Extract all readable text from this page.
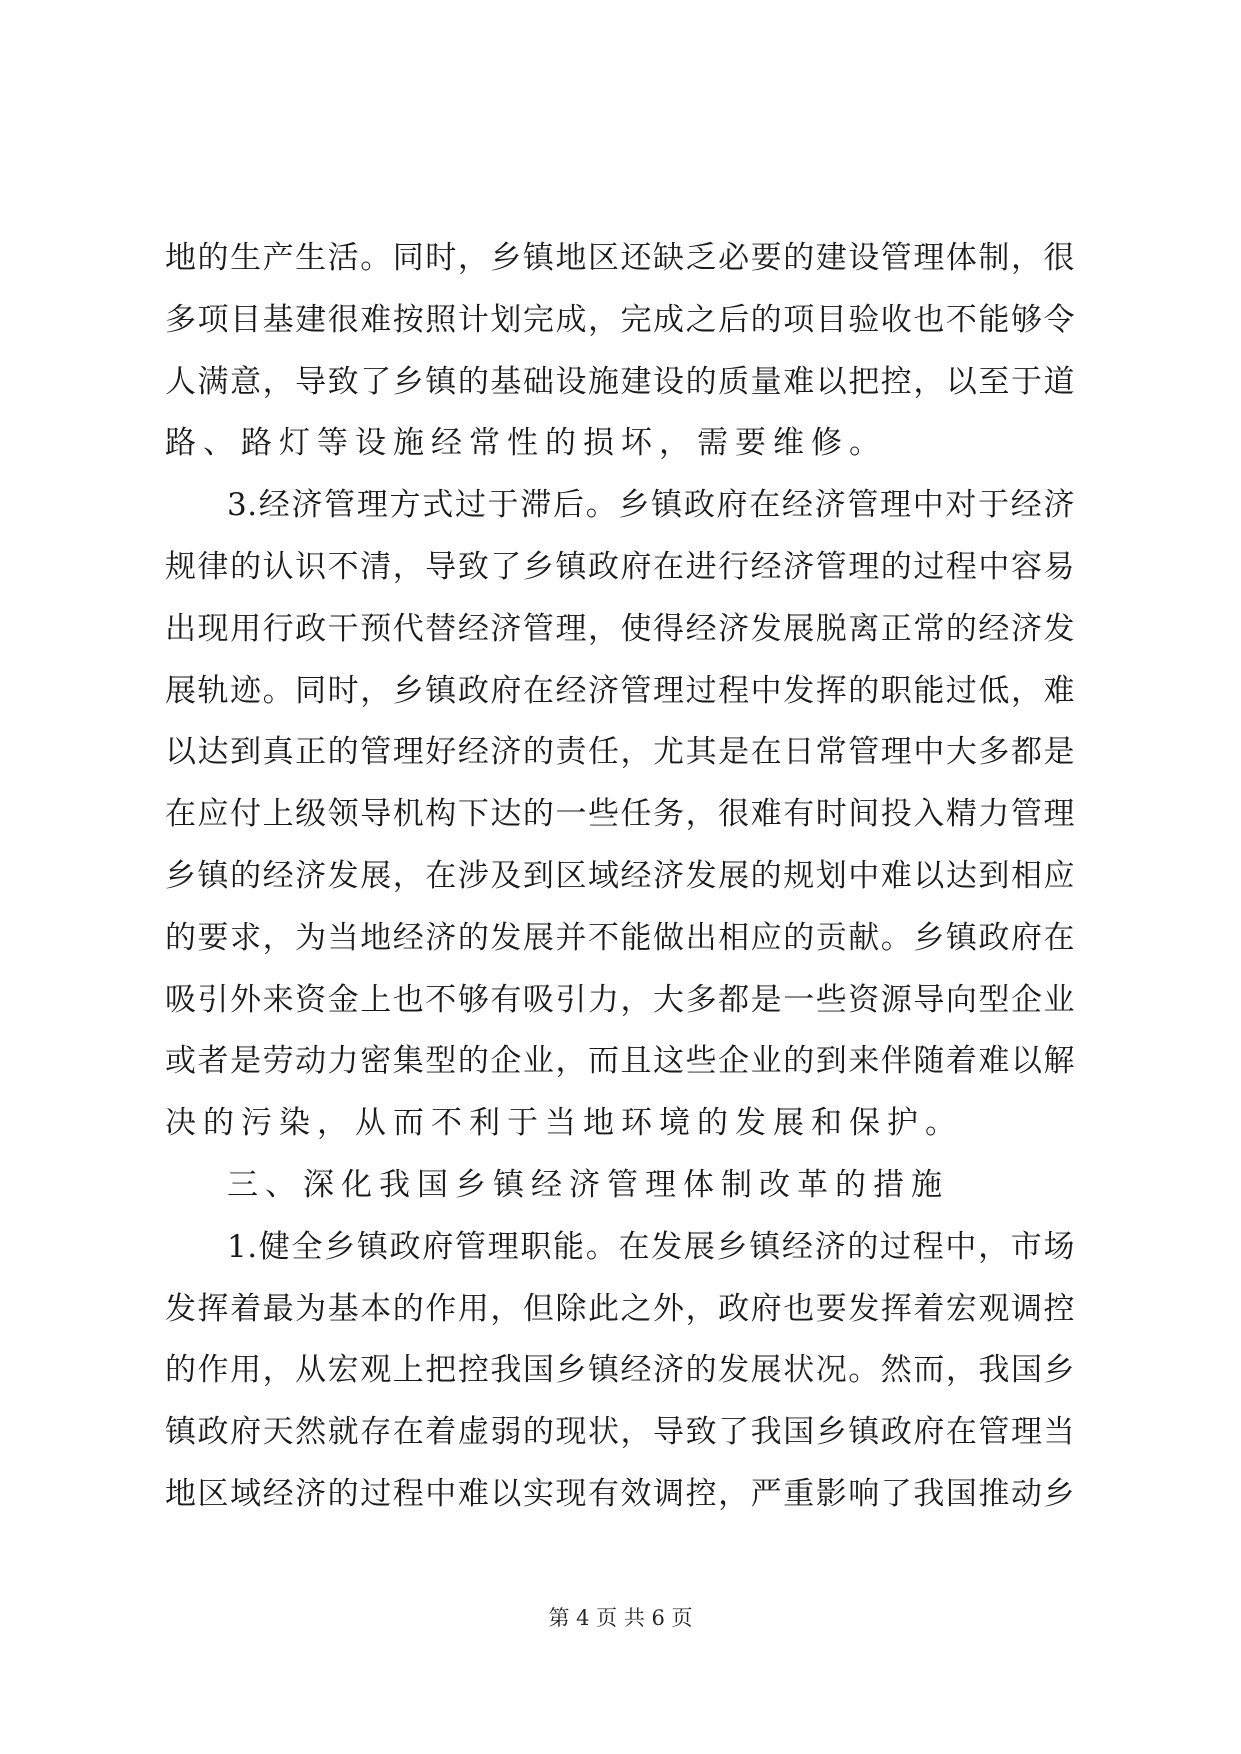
地的生产生活。同时，乡镇地区还缺乏必要的建设管理体制，很
多项目基建很难按照计划完成，完成之后的项目验收也不能够令
人满意，导致了乡镇的基础设施建设的质量难以把控，以至于道
路、路灯等设施经常性的损坏，需要维修。
3.经济管理方式过于滞后。乡镇政府在经济管理中对于经济
规律的认识不清，导致了乡镇政府在进行经济管理的过程中容易
出现用行政干预代替经济管理，使得经济发展脱离正常的经济发
展轨迹。同时，乡镇政府在经济管理过程中发挥的职能过低，难
以达到真正的管理好经济的责任，尤其是在日常管理中大多都是
在应付上级领导机构下达的一些任务，很难有时间投入精力管理
乡镇的经济发展，在涉及到区域经济发展的规划中难以达到相应
的要求，为当地经济的发展并不能做出相应的贡献。乡镇政府在
吸引外来资金上也不够有吸引力，大多都是一些资源导向型企业
或者是劳动力密集型的企业，而且这些企业的到来伴随着难以解
决的污染，从而不利于当地环境的发展和保护。
三、深化我国乡镇经济管理体制改革的措施
1.健全乡镇政府管理职能。在发展乡镇经济的过程中，市场
发挥着最为基本的作用，但除此之外，政府也要发挥着宏观调控
的作用，从宏观上把控我国乡镇经济的发展状况。然而，我国乡
镇政府天然就存在着虚弱的现状，导致了我国乡镇政府在管理当
地区域经济的过程中难以实现有效调控，严重影响了我国推动乡
第 4 页 共 6 页
